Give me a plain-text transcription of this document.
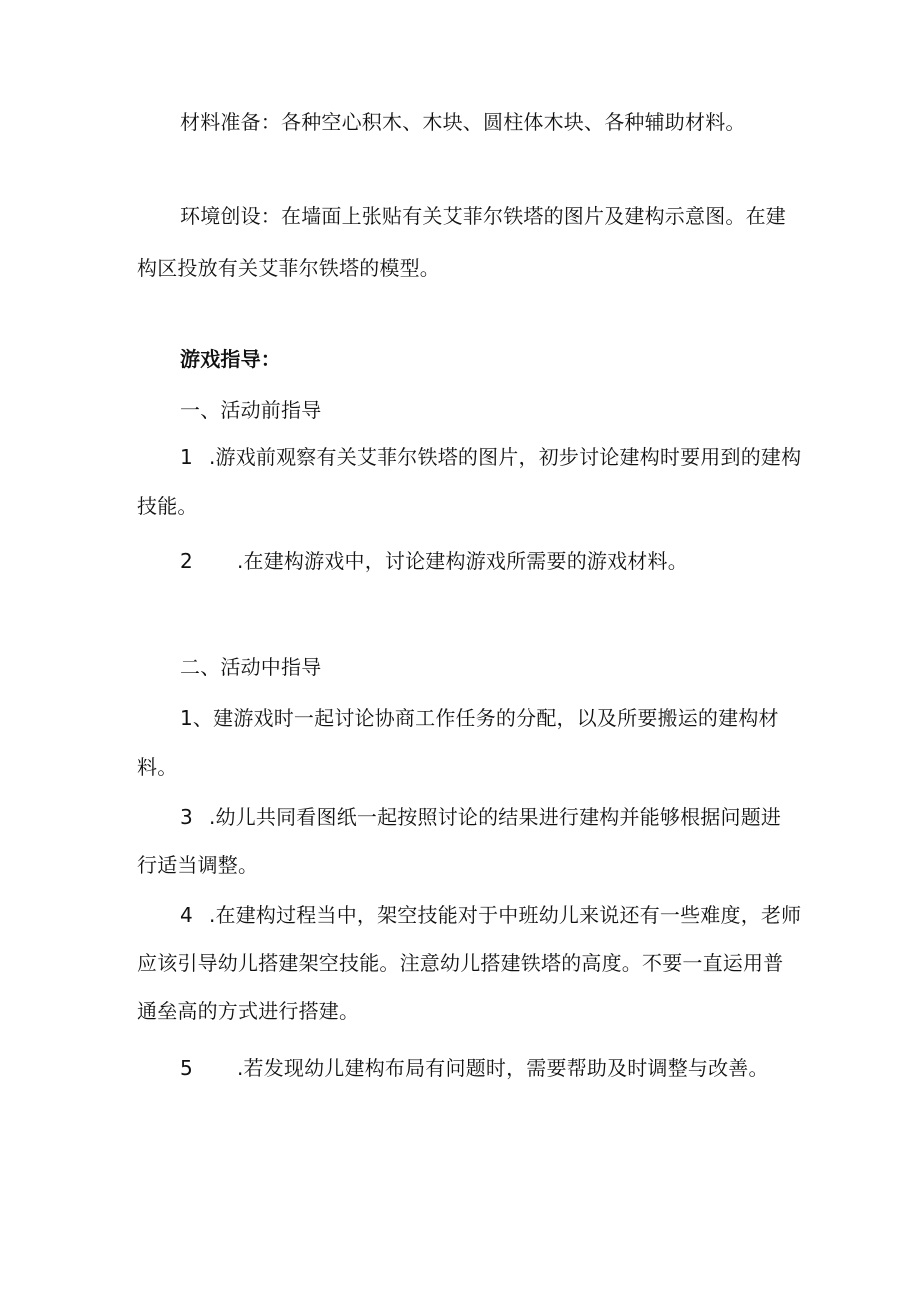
材料准备：各种空心积木、木块、圆柱体木块、各种辅助材料。
环境创设：在墙面上张贴有关艾菲尔铁塔的图片及建构示意图。在建
构区投放有关艾菲尔铁塔的模型。
游戏指导：
一、活动前指导
1 .游戏前观察有关艾菲尔铁塔的图片，初步讨论建构时要用到的建构
技能。
2 .在建构游戏中，讨论建构游戏所需要的游戏材料。
二、活动中指导
1、建游戏时一起讨论协商工作任务的分配，以及所要搬运的建构材
料。
3 .幼儿共同看图纸一起按照讨论的结果进行建构并能够根据问题进
行适当调整。
4 .在建构过程当中，架空技能对于中班幼儿来说还有一些难度，老师
应该引导幼儿搭建架空技能。注意幼儿搭建铁塔的高度。不要一直运用普
通垒高的方式进行搭建。
5 .若发现幼儿建构布局有问题时，需要帮助及时调整与改善。
